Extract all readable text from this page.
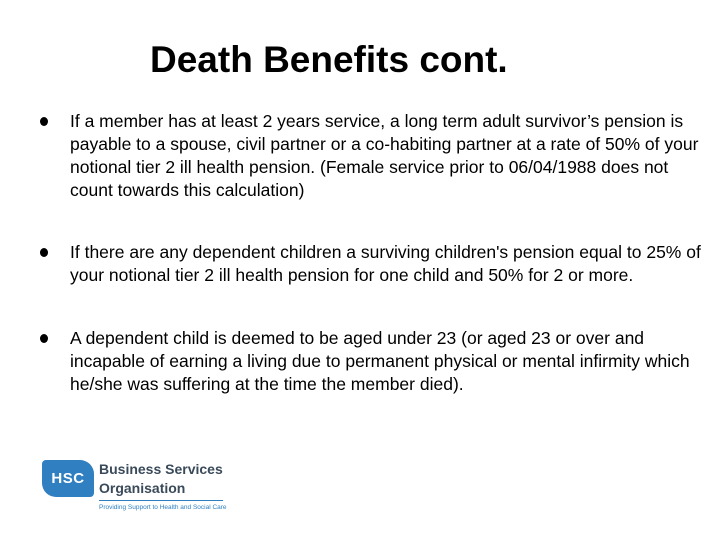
Death Benefits cont.
If a member has at least 2 years service, a long term adult survivor’s pension is payable to a spouse, civil partner or a co-habiting partner at a rate of 50% of your notional tier 2 ill health pension. (Female service prior to 06/04/1988 does not count towards this calculation)
If there are any dependent children a surviving children's pension equal to 25% of your notional tier 2 ill health pension for one child and 50% for 2 or more.
A dependent child is deemed to be aged under 23 (or aged 23 or over and incapable of earning a living due to permanent physical or mental infirmity which he/she was suffering at the time the member died).
HSC
Business Services
Organisation
Providing Support to Health and Social Care
